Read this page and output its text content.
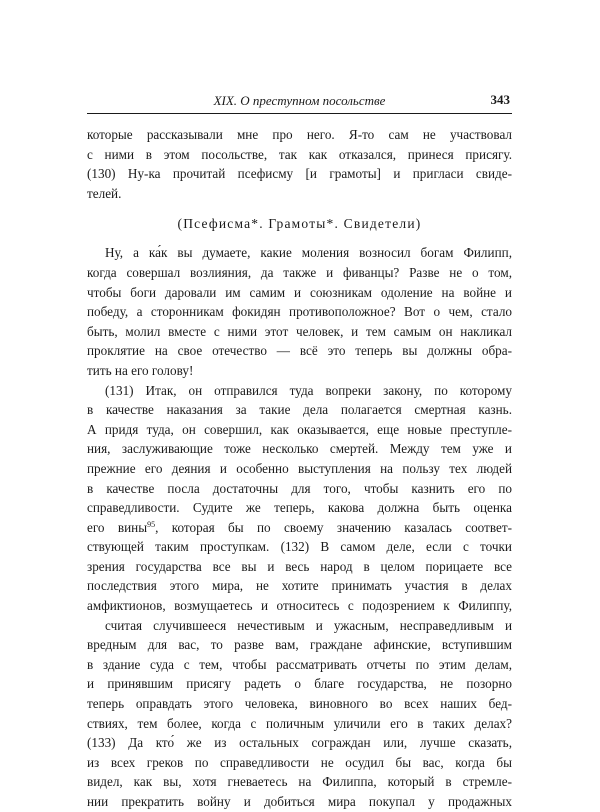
XIX. О преступном посольстве	343
которые рассказывали мне про него. Я-то сам не участвовал
с ними в этом посольстве, так как отказался, принеся присягу.
(130) Ну-ка прочитай псефисму [и грамоты] и пригласи свиде-
телей.
(Псефисма*. Грамоты*. Свидетели)
Ну, а ка́к вы думаете, какие моления возносил богам Филипп,
когда совершал возлияния, да также и фиванцы? Разве не о том,
чтобы боги даровали им самим и союзникам одоление на войне и
победу, а сторонникам фокидян противоположное? Вот о чем, стало
быть, молил вместе с ними этот человек, и тем самым он накликал
проклятие на свое отечество — всё это теперь вы должны обра-
тить на его голову!
(131) Итак, он отправился туда вопреки закону, по которому
в качестве наказания за такие дела полагается смертная казнь.
А придя туда, он совершил, как оказывается, еще новые преступле-
ния, заслуживающие тоже несколько смертей. Между тем уже и
прежние его деяния и особенно выступления на пользу тех людей
в качестве посла достаточны для того, чтобы казнить его по
справедливости. Судите же теперь, какова должна быть оценка
его вины$^{95}$, которая бы по своему значению казалась соответ-
ствующей таким проступкам. (132) В самом деле, если с точки
зрения государства все вы и весь народ в целом порицаете все
последствия этого мира, не хотите принимать участия в делах
амфиктионов, возмущаетесь и относитесь с подозрением к Филиппу,
считая случившееся нечестивым и ужасным, несправедливым и
вредным для вас, то разве вам, граждане афинские, вступившим
в здание суда с тем, чтобы рассматривать отчеты по этим делам,
и принявшим присягу радеть о благе государства, не позорно
теперь оправдать этого человека, виновного во всех наших бед-
ствиях, тем более, когда с поличным уличили его в таких делах?
(133) Да кто́ же из остальных сограждан или, лучше сказать,
из всех греков по справедливости не осудил бы вас, когда бы
видел, как вы, хотя гневаетесь на Филиппа, который в стремле-
нии прекратить войну и добиться мира покупал у продажных
